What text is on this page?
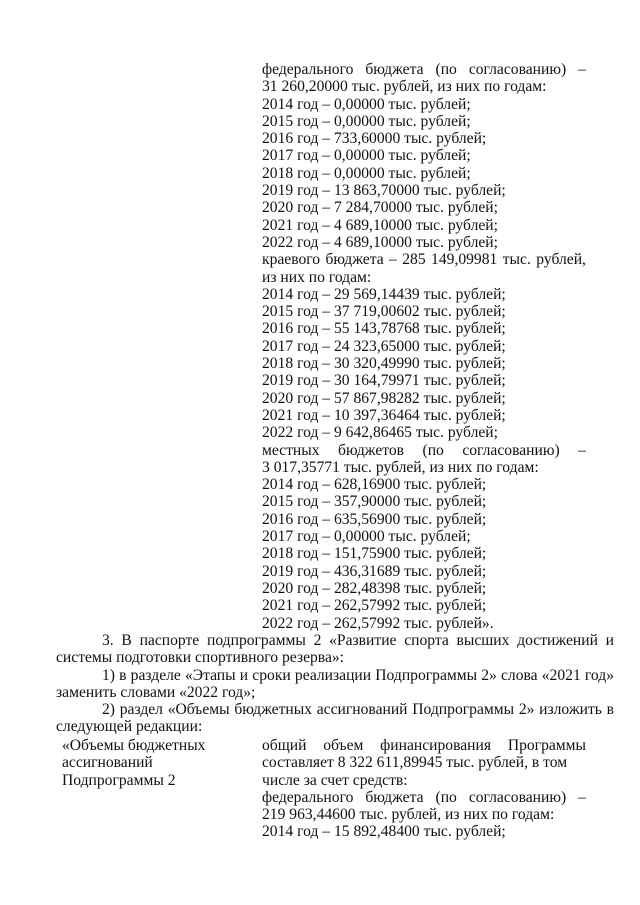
федерального бюджета (по согласованию) –
31 260,20000 тыс. рублей, из них по годам:
2014 год – 0,00000 тыс. рублей;
2015 год – 0,00000 тыс. рублей;
2016 год – 733,60000 тыс. рублей;
2017 год – 0,00000 тыс. рублей;
2018 год – 0,00000 тыс. рублей;
2019 год – 13 863,70000 тыс. рублей;
2020 год – 7 284,70000 тыс. рублей;
2021 год – 4 689,10000 тыс. рублей;
2022 год – 4 689,10000 тыс. рублей;
краевого бюджета – 285 149,09981 тыс. рублей,
из них по годам:
2014 год – 29 569,14439 тыс. рублей;
2015 год – 37 719,00602 тыс. рублей;
2016 год – 55 143,78768 тыс. рублей;
2017 год – 24 323,65000 тыс. рублей;
2018 год – 30 320,49990 тыс. рублей;
2019 год – 30 164,79971 тыс. рублей;
2020 год – 57 867,98282 тыс. рублей;
2021 год – 10 397,36464 тыс. рублей;
2022 год – 9 642,86465 тыс. рублей;
местных бюджетов (по согласованию) –
3 017,35771 тыс. рублей, из них по годам:
2014 год – 628,16900 тыс. рублей;
2015 год – 357,90000 тыс. рублей;
2016 год – 635,56900 тыс. рублей;
2017 год – 0,00000 тыс. рублей;
2018 год – 151,75900 тыс. рублей;
2019 год – 436,31689 тыс. рублей;
2020 год – 282,48398 тыс. рублей;
2021 год – 262,57992 тыс. рублей;
2022 год – 262,57992 тыс. рублей».
3. В паспорте подпрограммы 2 «Развитие спорта высших достижений и системы подготовки спортивного резерва»:
1) в разделе «Этапы и сроки реализации Подпрограммы 2» слова «2021 год» заменить словами «2022 год»;
2) раздел «Объемы бюджетных ассигнований Подпрограммы 2» изложить в следующей редакции:
«Объемы бюджетных
ассигнований
Подпрограммы 2
общий объем финансирования Программы
составляет 8 322 611,89945 тыс. рублей, в том
числе за счет средств:
федерального бюджета (по согласованию) –
219 963,44600 тыс. рублей, из них по годам:
2014 год – 15 892,48400 тыс. рублей;
